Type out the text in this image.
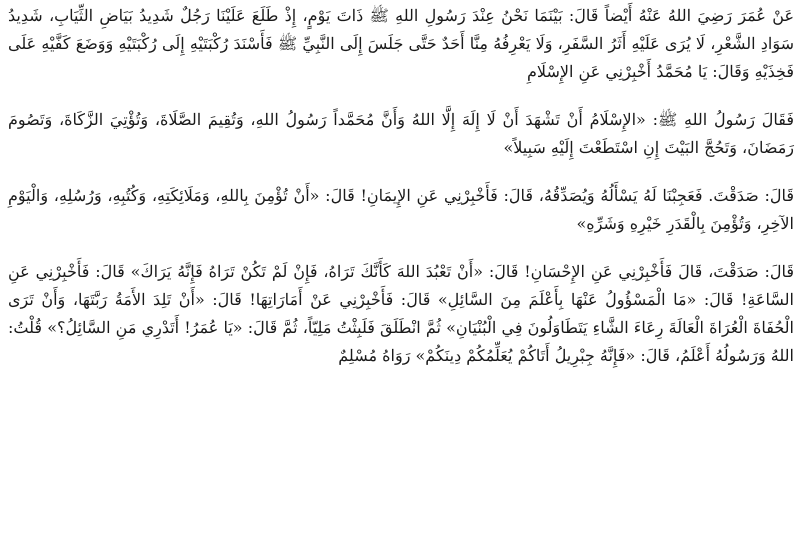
عَنْ عُمَرَ رَضِيَ اللهُ عَنْهُ أَيْضاً قَالَ: بَيْنَمَا نَحْنُ عِنْدَ رَسُولِ اللهِ ﷺ ذَاتَ يَوْمٍ، إِذْ طَلَعَ عَلَيْنَا رَجُلٌ شَدِيدُ بَيَاضِ الثِّيَابِ، شَدِيدُ سَوَادِ الشَّعْرِ، لَا يُرَى عَلَيْهِ أَثَرُ السَّفَرِ، وَلَا يَعْرِفُهُ مِنَّا أَحَدٌ حَتَّى جَلَسَ إِلَى النَّبِيِّ ﷺ فَأَسْنَدَ رُكْبَتَيْهِ إِلَى رُكْبَتَيْهِ وَوَضَعَ كَفَّيْهِ عَلَى فَخِذَيْهِ وَقَالَ: يَا مُحَمَّدُ أَخْبِرْنِي عَنِ الإِسْلَامِ

فَقَالَ رَسُولُ اللهِ ﷺ: «الإِسْلَامُ أَنْ تَشْهَدَ أَنْ لَا إِلَهَ إِلَّا اللهُ وَأَنَّ مُحَمَّداً رَسُولُ اللهِ، وَتُقِيمَ الصَّلَاةَ، وَتُؤْتِيَ الزَّكَاةَ، وَتَصُومَ رَمَضَانَ، وَتَحُجَّ البَيْتَ إِنِ اسْتَطَعْتَ إِلَيْهِ سَبِيلاً»

قَالَ: صَدَقْتَ. فَعَجِبْنَا لَهُ يَسْأَلُهُ وَيُصَدِّقُهُ، قَالَ: فَأَخْبِرْنِي عَنِ الإِيمَانِ! قَالَ: «أَنْ تُؤْمِنَ بِاللهِ، وَمَلَائِكَتِهِ، وَكُتُبِهِ، وَرُسُلِهِ، وَالْيَوْمِ الآخِرِ، وَتُؤْمِنَ بِالْقَدَرِ خَيْرِهِ وَشَرِّهِ»

قَالَ: صَدَقْتَ، قَالَ فَأَخْبِرْنِي عَنِ الإِحْسَانِ! قَالَ: «أَنْ تَعْبُدَ اللهَ كَأَنَّكَ تَرَاهُ، فَإِنْ لَمْ تَكُنْ تَرَاهُ فَإِنَّهُ يَرَاكَ» قَالَ: فَأَخْبِرْنِي عَنِ السَّاعَةِ! قَالَ: «مَا الْمَسْؤُولُ عَنْهَا بِأَعْلَمَ مِنَ السَّائِلِ» قَالَ: فَأَخْبِرْنِي عَنْ أَمَارَاتِهَا! قَالَ: «أَنْ تَلِدَ الأَمَةُ رَبَّتَهَا، وَأَنْ تَرَى الْحُفَاةَ الْعُرَاةَ الْعَالَةَ رِعَاءَ الشَّاءِ يَتَطَاوَلُونَ فِي الْبُنْيَانِ» ثُمَّ انْطَلَقَ فَلَبِثْتُ مَلِيّاً، ثُمَّ قَالَ: «يَا عُمَرُ! أَتَدْرِي مَنِ السَّائِلُ؟» قُلْتُ: اللهُ وَرَسُولُهُ أَعْلَمُ، قَالَ: «فَإِنَّهُ جِبْرِيلُ أَتَاكُمْ يُعَلِّمُكُمْ دِينَكُمْ» رَوَاهُ مُسْلِمٌ
